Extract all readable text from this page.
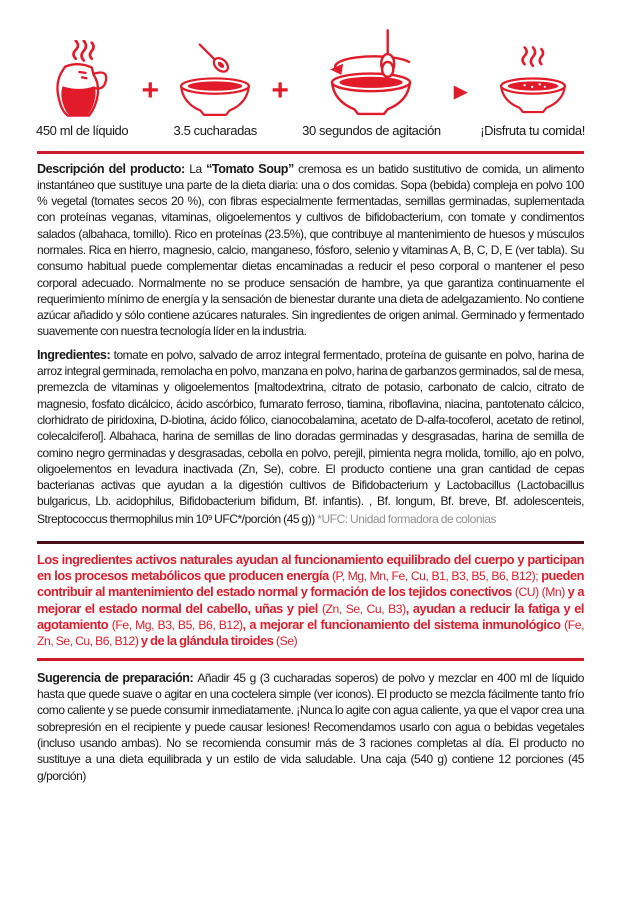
450 ml de líquido
+
3.5 cucharadas
+
30 segundos de agitación
▶
¡Disfruta tu comida!

Descripción del producto: La “Tomato Soup” cremosa es un batido sustitutivo de comida, un alimento instantáneo que sustituye una parte de la dieta diaria: una o dos comidas. Sopa (bebida) compleja en polvo 100 % vegetal (tomates secos 20 %), con fibras especialmente fermentadas, semillas germinadas, suplementada con proteínas veganas, vitaminas, oligoelementos y cultivos de bifidobacterium, con tomate y condimentos salados (albahaca, tomillo). Rico en proteínas (23.5%), que contribuye al mantenimiento de huesos y músculos normales. Rica en hierro, magnesio, calcio, manganeso, fósforo, selenio y vitaminas A, B, C, D, E (ver tabla). Su consumo habitual puede complementar dietas encaminadas a reducir el peso corporal o mantener el peso corporal adecuado. Normalmente no se produce sensación de hambre, ya que garantiza continuamente el requerimiento mínimo de energía y la sensación de bienestar durante una dieta de adelgazamiento. No contiene azúcar añadido y sólo contiene azúcares naturales. Sin ingredientes de origen animal. Germinado y fermentado suavemente con nuestra tecnología líder en la industria.

Ingredientes: tomate en polvo, salvado de arroz integral fermentado, proteína de guisante en polvo, harina de arroz integral germinada, remolacha en polvo, manzana en polvo, harina de garbanzos germinados, sal de mesa, premezcla de vitaminas y oligoelementos [maltodextrina, citrato de potasio, carbonato de calcio, citrato de magnesio, fosfato dicálcico, ácido ascórbico, fumarato ferroso, tiamina, riboflavina, niacina, pantotenato cálcico, clorhidrato de piridoxina, D-biotina, ácido fólico, cianocobalamina, acetato de D-alfa-tocoferol, acetato de retinol, colecalciferol]. Albahaca, harina de semillas de lino doradas germinadas y desgrasadas, harina de semilla de comino negro germinadas y desgrasadas, cebolla en polvo, perejil, pimienta negra molida, tomillo, ajo en polvo, oligoelementos en levadura inactivada (Zn, Se), cobre. El producto contiene una gran cantidad de cepas bacterianas activas que ayudan a la digestión cultivos de Bifidobacterium y Lactobacillus (Lactobacillus bulgaricus, Lb. acidophilus, Bifidobacterium bifidum, Bf. infantis). , Bf. longum, Bf. breve, Bf. adolescenteis, Streptococcus thermophilus $\min 10^9$ UFC*/porción (45 g)) *UFC: Unidad formadora de colonias

Los ingredientes activos naturales ayudan al funcionamiento equilibrado del cuerpo y participan en los procesos metabólicos que producen energía (P, Mg, Mn, Fe, Cu, B1, B3, B5, B6, B12); pueden contribuir al mantenimiento del estado normal y formación de los tejidos conectivos (CU) (Mn) y a mejorar el estado normal del cabello, uñas y piel (Zn, Se, Cu, B3), ayudan a reducir la fatiga y el agotamiento (Fe, Mg, B3, B5, B6, B12), a mejorar el funcionamiento del sistema inmunológico (Fe, Zn, Se, Cu, B6, B12) y de la glándula tiroides (Se)

Sugerencia de preparación: Añadir 45 g (3 cucharadas soperos) de polvo y mezclar en 400 ml de líquido hasta que quede suave o agitar en una coctelera simple (ver iconos). El producto se mezcla fácilmente tanto frío como caliente y se puede consumir inmediatamente. ¡Nunca lo agite con agua caliente, ya que el vapor crea una sobrepresión en el recipiente y puede causar lesiones! Recomendamos usarlo con agua o bebidas vegetales (incluso usando ambas). No se recomienda consumir más de 3 raciones completas al día. El producto no sustituye a una dieta equilibrada y un estilo de vida saludable. Una caja (540 g) contiene 12 porciones (45 g/porción)
